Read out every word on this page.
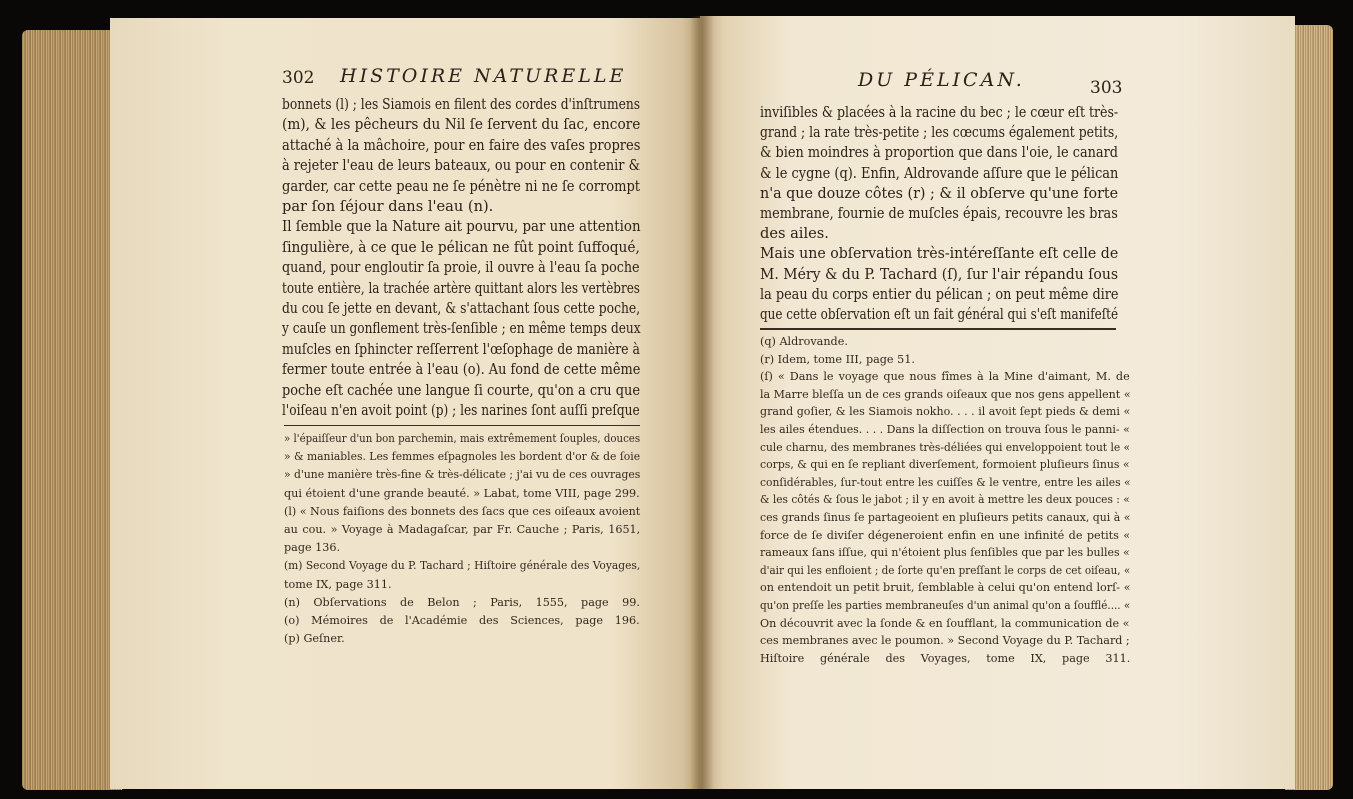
302 HISTOIRE NATURELLE
bonnets (l) ; les Siamois en filent des cordes d'inſtrumens
(m), & les pêcheurs du Nil ſe ſervent du ſac, encore
attaché à la mâchoire, pour en faire des vaſes propres
à rejeter l'eau de leurs bateaux, ou pour en contenir &
garder, car cette peau ne ſe pénètre ni ne ſe corrompt
par ſon ſéjour dans l'eau (n).
Il ſemble que la Nature ait pourvu, par une attention
ſingulière, à ce que le pélican ne fût point ſuffoqué,
quand, pour engloutir ſa proie, il ouvre à l'eau ſa poche
toute entière, la trachée artère quittant alors les vertèbres
du cou ſe jette en devant, & s'attachant ſous cette poche,
y cauſe un gonflement très-ſenſible ; en même temps deux
muſcles en ſphincter reſſerrent l'œſophage de manière à
fermer toute entrée à l'eau (o). Au fond de cette même
poche eſt cachée une langue ſi courte, qu'on a cru que
l'oiſeau n'en avoit point (p) ; les narines ſont auſſi preſque
» l'épaiſſeur d'un bon parchemin, mais extrêmement ſouples, douces
» & maniables. Les femmes eſpagnoles les bordent d'or & de ſoie
» d'une manière très-fine & très-délicate ; j'ai vu de ces ouvrages
qui étoient d'une grande beauté. » Labat, tome VIII, page 299.
(l) « Nous faiſions des bonnets des ſacs que ces oiſeaux avoient
au cou. » Voyage à Madagaſcar, par Fr. Cauche ; Paris, 1651,
page 136.
(m) Second Voyage du P. Tachard ; Hiſtoire générale des Voyages,
tome IX, page 311.
(n) Obſervations de Belon ; Paris, 1555, page 99.
(o) Mémoires de l'Académie des Sciences, page 196.
(p) Geſner.
DU PÉLICAN.	303
inviſibles & placées à la racine du bec ; le cœur eſt très-
grand ; la rate très-petite ; les cœcums également petits,
& bien moindres à proportion que dans l'oie, le canard
& le cygne (q). Enfin, Aldrovande aſſure que le pélican
n'a que douze côtes (r) ; & il obſerve qu'une forte
membrane, fournie de muſcles épais, recouvre les bras
des ailes.
Mais une obſervation très-intéreſſante eſt celle de
M. Méry & du P. Tachard (ſ), ſur l'air répandu ſous
la peau du corps entier du pélican ; on peut même dire
que cette obſervation eſt un fait général qui s'eſt manifeſté
(q) Aldrovande.
(r) Idem, tome III, page 51.
(ſ) « Dans le voyage que nous fîmes à la Mine d'aimant, M. de
la Marre bleſſa un de ces grands oiſeaux que nos gens appellent «
grand goſier, & les Siamois nokho. . . . il avoit ſept pieds & demi «
les ailes étendues. . . . Dans la diſſection on trouva ſous le panni- «
cule charnu, des membranes très-déliées qui enveloppoient tout le «
corps, & qui en ſe repliant diverſement, formoient pluſieurs ſinus «
conſidérables, ſur-tout entre les cuiſſes & le ventre, entre les ailes «
& les côtés & ſous le jabot ; il y en avoit à mettre les deux pouces : «
ces grands ſinus ſe partageoient en pluſieurs petits canaux, qui à «
force de ſe diviſer dégeneroient enfin en une infinité de petits «
rameaux ſans iſſue, qui n'étoient plus ſenſibles que par les bulles «
d'air qui les enfloient ; de ſorte qu'en preſſant le corps de cet oiſeau, «
on entendoit un petit bruit, ſemblable à celui qu'on entend lorſ- «
qu'on preſſe les parties membraneuſes d'un animal qu'on a ſoufflé.... «
On découvrit avec la ſonde & en ſoufflant, la communication de «
ces membranes avec le poumon. » Second Voyage du P. Tachard ;
Hiſtoire générale des Voyages, tome IX, page 311.
